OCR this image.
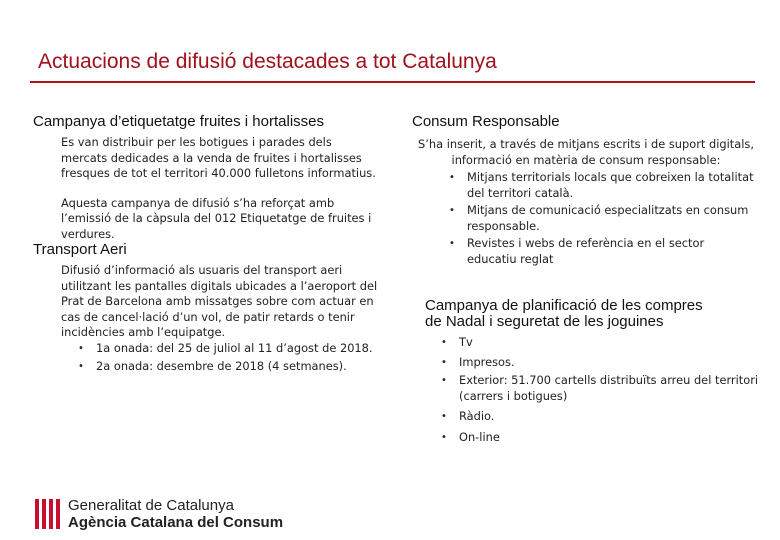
Actuacions de difusió destacades a tot Catalunya
Campanya d’etiquetatge fruites i hortalisses

Es van distribuir per les botigues i parades dels mercats dedicades a la venda de fruites i hortalisses fresques de tot el territori 40.000 fulletons informatius.

Aquesta campanya de difusió s’ha reforçat amb l’emissió de la càpsula del 012 Etiquetatge de fruites i verdures.

Transport Aeri

Difusió d’informació als usuaris del transport aeri utilitzant les pantalles digitals ubicades a l’aeroport del Prat de Barcelona amb missatges sobre com actuar en cas de cancel·lació d’un vol, de patir retards o tenir incidències amb l’equipatge.

• 1a onada: del 25 de juliol al 11 d’agost de 2018.
• 2a onada: desembre de 2018 (4 setmanes).
Consum Responsable

S’ha inserit, a través de mitjans escrits i de suport digitals, informació en matèria de consum responsable:

• Mitjans territorials locals que cobreixen la totalitat del territori català.
• Mitjans de comunicació especialitzats en consum responsable.
• Revistes i webs de referència en el sector educatiu reglat
Campanya de planificació de les compres
de Nadal i seguretat de les joguines
• Tv
• Impresos.
• Exterior: 51.700 cartells distribuïts arreu del territori (carrers i botigues)
• Ràdio.
• On-line
Generalitat de Catalunya
Agència Catalana del Consum
